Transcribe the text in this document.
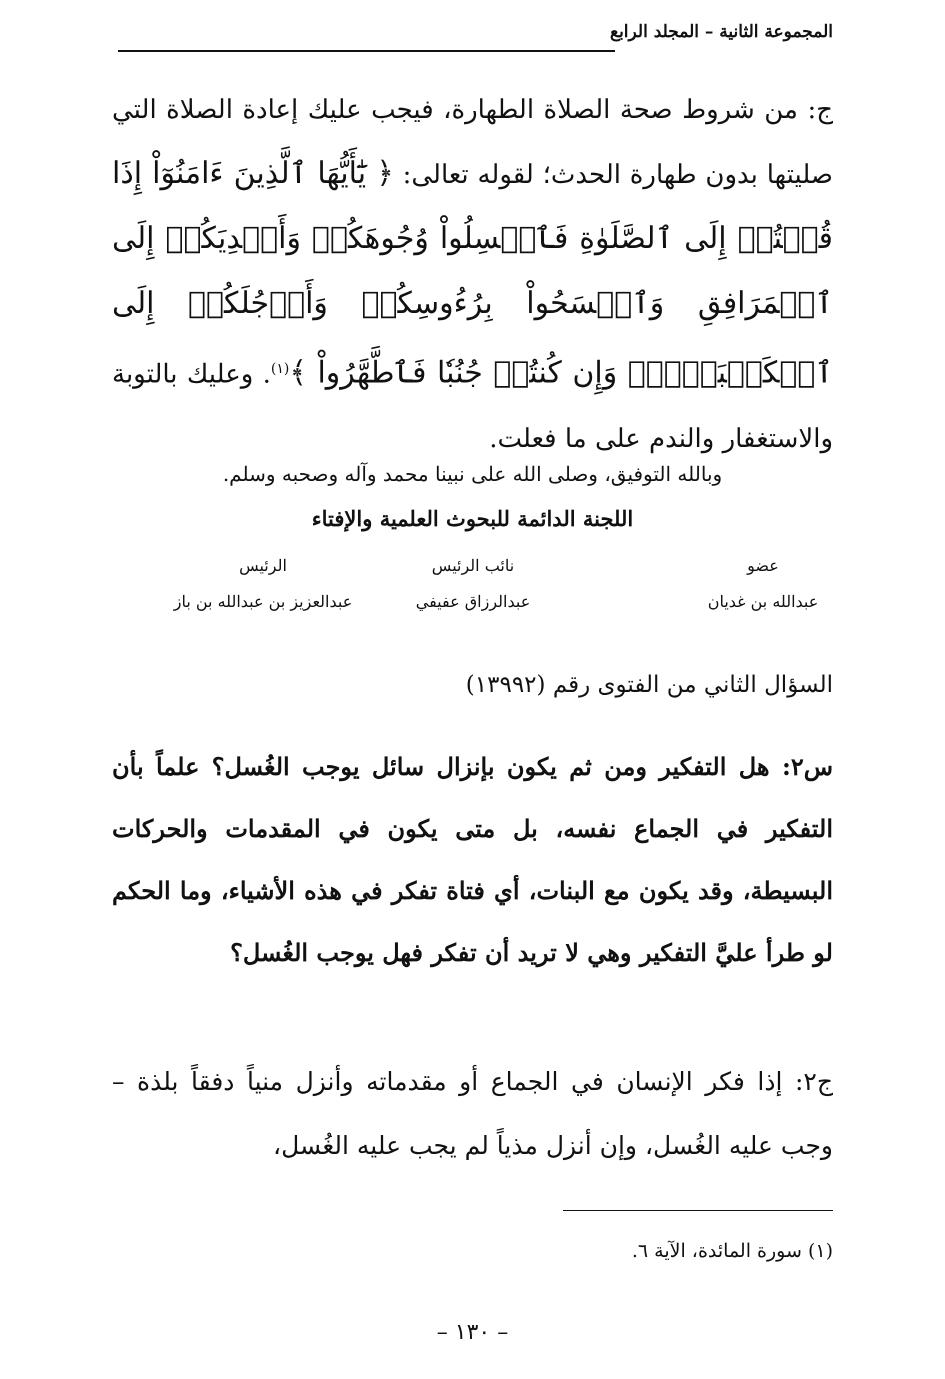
المجموعة الثانية – المجلد الرابع

ج: من شروط صحة الصلاة الطهارة، فيجب عليك إعادة الصلاة التي صليتها بدون طهارة الحدث؛ لقوله تعالى: ﴿ يَٰٓأَيُّهَا ٱلَّذِينَ ءَامَنُوٓاْ إِذَا قُمۡتُمۡ إِلَى ٱلصَّلَوٰةِ فَٱغۡسِلُواْ وُجُوهَكُمۡ وَأَيۡدِيَكُمۡ إِلَى ٱلۡمَرَافِقِ وَٱمۡسَحُواْ بِرُءُوسِكُمۡ وَأَرۡجُلَكُمۡ إِلَى ٱلۡكَعۡبَيۡنِۚ وَإِن كُنتُمۡ جُنُبٗا فَٱطَّهَّرُواْ ﴾$^{(١)}$. وعليك بالتوبة والاستغفار والندم على ما فعلت.

وبالله التوفيق، وصلى الله على نبينا محمد وآله وصحبه وسلم.
اللجنة الدائمة للبحوث العلمية والإفتاء
عضو
عبدالله بن غديان
نائب الرئيس
عبدالرزاق عفيفي
الرئيس
عبدالعزيز بن عبدالله بن باز
السؤال الثاني من الفتوى رقم (١٣٩٩٢)

س٢: هل التفكير ومن ثم يكون بإنزال سائل يوجب الغُسل؟ علماً بأن التفكير في الجماع نفسه، بل متى يكون في المقدمات والحركات البسيطة، وقد يكون مع البنات، أي فتاة تفكر في هذه الأشياء، وما الحكم لو طرأ عليَّ التفكير وهي لا تريد أن تفكر فهل يوجب الغُسل؟

ج٢: إذا فكر الإنسان في الجماع أو مقدماته وأنزل منياً دفقاً بلذة – وجب عليه الغُسل، وإن أنزل مذياً لم يجب عليه الغُسل،

(١) سورة المائدة، الآية ٦.
– ١٣٠ –
